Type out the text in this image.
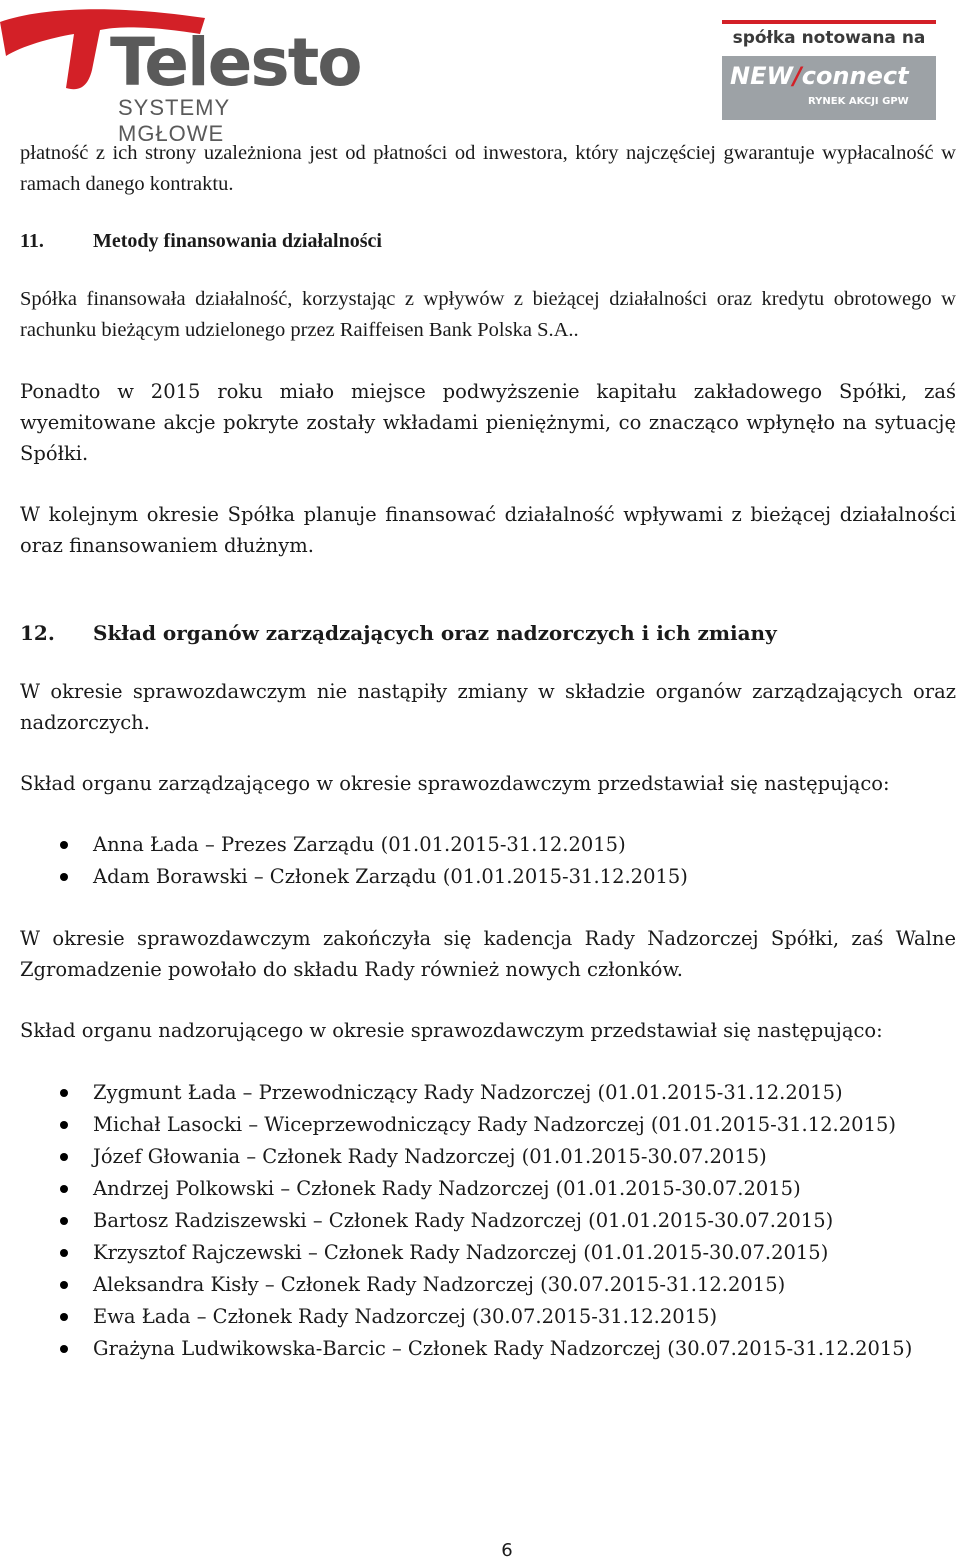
Telesto
SYSTEMY MGŁOWE
spółka notowana na
NEW/connect
RYNEK AKCJI GPW

płatność z ich strony uzależniona jest od płatności od inwestora, który najczęściej gwarantuje wypłacalność w ramach danego kontraktu.

11. Metody finansowania działalności

Spółka finansowała działalność, korzystając z wpływów z bieżącej działalności oraz kredytu obrotowego w rachunku bieżącym udzielonego przez Raiffeisen Bank Polska S.A..

Ponadto w 2015 roku miało miejsce podwyższenie kapitału zakładowego Spółki, zaś wyemitowane akcje pokryte zostały wkładami pieniężnymi, co znacząco wpłynęło na sytuację Spółki.

W kolejnym okresie Spółka planuje finansować działalność wpływami z bieżącej działalności oraz finansowaniem dłużnym.

12. Skład organów zarządzających oraz nadzorczych i ich zmiany

W okresie sprawozdawczym nie nastąpiły zmiany w składzie organów zarządzających oraz nadzorczych.

Skład organu zarządzającego w okresie sprawozdawczym przedstawiał się następująco:

Anna Łada – Prezes Zarządu (01.01.2015-31.12.2015)
Adam Borawski – Członek Zarządu (01.01.2015-31.12.2015)

W okresie sprawozdawczym zakończyła się kadencja Rady Nadzorczej Spółki, zaś Walne Zgromadzenie powołało do składu Rady również nowych członków.

Skład organu nadzorującego w okresie sprawozdawczym przedstawiał się następująco:

Zygmunt Łada – Przewodniczący Rady Nadzorczej (01.01.2015-31.12.2015)
Michał Lasocki – Wiceprzewodniczący Rady Nadzorczej (01.01.2015-31.12.2015)
Józef Głowania – Członek Rady Nadzorczej (01.01.2015-30.07.2015)
Andrzej Polkowski – Członek Rady Nadzorczej (01.01.2015-30.07.2015)
Bartosz Radziszewski – Członek Rady Nadzorczej (01.01.2015-30.07.2015)
Krzysztof Rajczewski – Członek Rady Nadzorczej (01.01.2015-30.07.2015)
Aleksandra Kisły – Członek Rady Nadzorczej (30.07.2015-31.12.2015)
Ewa Łada – Członek Rady Nadzorczej (30.07.2015-31.12.2015)
Grażyna Ludwikowska-Barcic – Członek Rady Nadzorczej (30.07.2015-31.12.2015)
6
